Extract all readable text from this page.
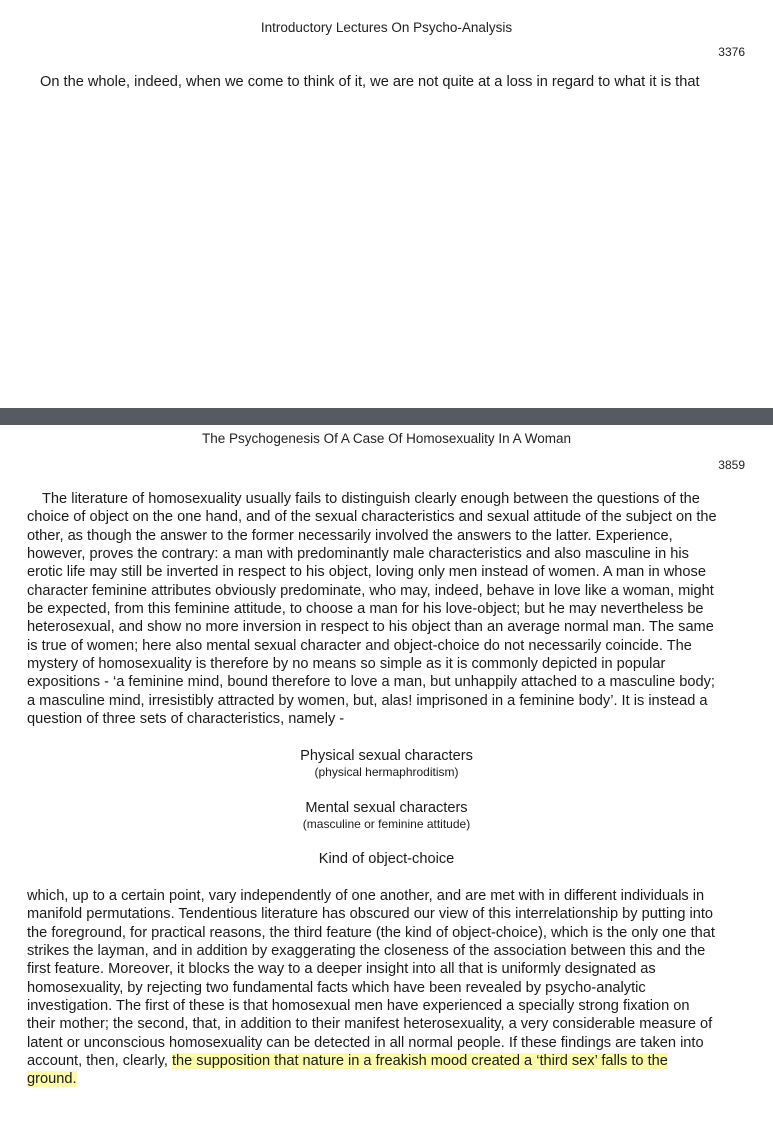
Introductory Lectures On Psycho-Analysis
3376
On the whole, indeed, when we come to think of it, we are not quite at a loss in regard to what it is that
The Psychogenesis Of A Case Of Homosexuality In A Woman
3859
The literature of homosexuality usually fails to distinguish clearly enough between the questions of the
choice of object on the one hand, and of the sexual characteristics and sexual attitude of the subject on the
other, as though the answer to the former necessarily involved the answers to the latter. Experience,
however, proves the contrary: a man with predominantly male characteristics and also masculine in his
erotic life may still be inverted in respect to his object, loving only men instead of women. A man in whose
character feminine attributes obviously predominate, who may, indeed, behave in love like a woman, might
be expected, from this feminine attitude, to choose a man for his love-object; but he may nevertheless be
heterosexual, and show no more inversion in respect to his object than an average normal man. The same
is true of women; here also mental sexual character and object-choice do not necessarily coincide. The
mystery of homosexuality is therefore by no means so simple as it is commonly depicted in popular
expositions - ‘a feminine mind, bound therefore to love a man, but unhappily attached to a masculine body;
a masculine mind, irresistibly attracted by women, but, alas! imprisoned in a feminine body’. It is instead a
question of three sets of characteristics, namely -
Physical sexual characters
(physical hermaphroditism)
Mental sexual characters
(masculine or feminine attitude)
Kind of object-choice
which, up to a certain point, vary independently of one another, and are met with in different individuals in
manifold permutations. Tendentious literature has obscured our view of this interrelationship by putting into
the foreground, for practical reasons, the third feature (the kind of object-choice), which is the only one that
strikes the layman, and in addition by exaggerating the closeness of the association between this and the
first feature. Moreover, it blocks the way to a deeper insight into all that is uniformly designated as
homosexuality, by rejecting two fundamental facts which have been revealed by psycho-analytic
investigation. The first of these is that homosexual men have experienced a specially strong fixation on
their mother; the second, that, in addition to their manifest heterosexuality, a very considerable measure of
latent or unconscious homosexuality can be detected in all normal people. If these findings are taken into
account, then, clearly, the supposition that nature in a freakish mood created a ‘third sex’ falls to the
ground.
